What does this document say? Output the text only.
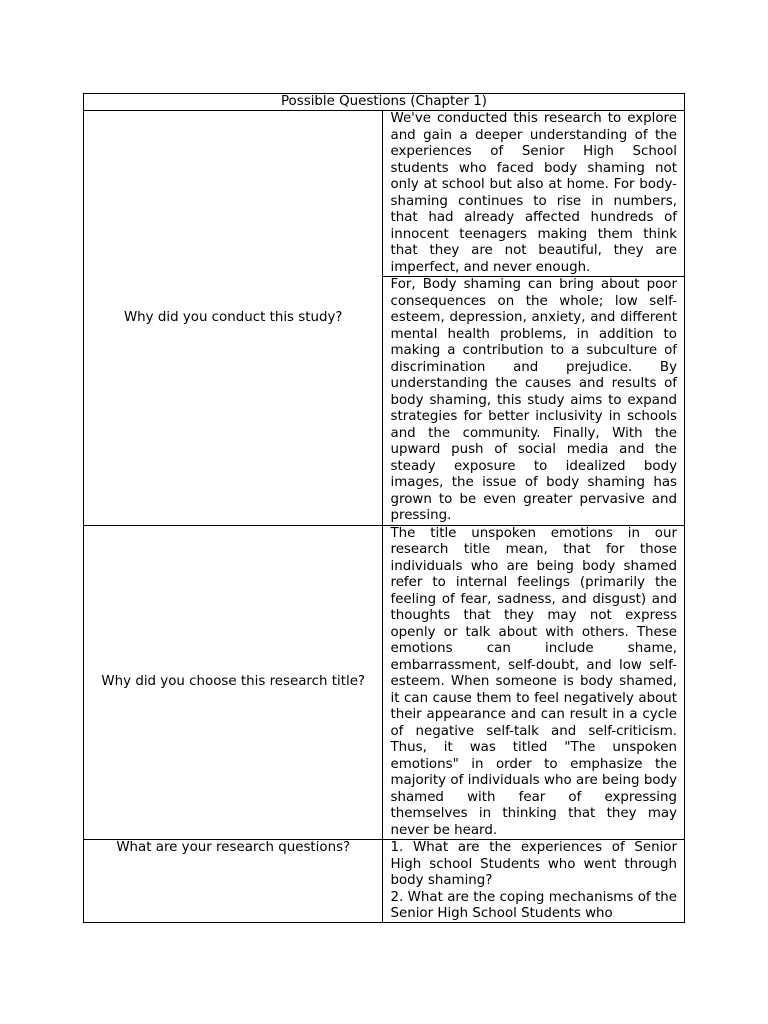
Possible Questions (Chapter 1)	
Why did you conduct this study?	We've conducted this research to explore and gain a deeper understanding of the experiences of Senior High School students who faced body shaming not only at school but also at home. For body-shaming continues to rise in numbers, that had already affected hundreds of innocent teenagers making them think that they are not beautiful, they are imperfect, and never enough.

	For, Body shaming can bring about poor consequences on the whole; low self-esteem, depression, anxiety, and different mental health problems, in addition to making a contribution to a subculture of discrimination and prejudice. By understanding the causes and results of body shaming, this study aims to expand strategies for better inclusivity in schools and the community. Finally, With the upward push of social media and the steady exposure to idealized body images, the issue of body shaming has grown to be even greater pervasive and pressing.

Why did you choose this research title?	The title unspoken emotions in our research title mean, that for those individuals who are being body shamed refer to internal feelings (primarily the feeling of fear, sadness, and disgust) and thoughts that they may not express openly or talk about with others. These emotions can include shame, embarrassment, self-doubt, and low self-esteem. When someone is body shamed, it can cause them to feel negatively about their appearance and can result in a cycle of negative self-talk and self-criticism. Thus, it was titled "The unspoken emotions" in order to emphasize the majority of individuals who are being body shamed with fear of expressing themselves in thinking that they may never be heard.

What are your research questions?	1. What are the experiences of Senior High school Students who went through body shaming?
2. What are the coping mechanisms of the Senior High School Students who
